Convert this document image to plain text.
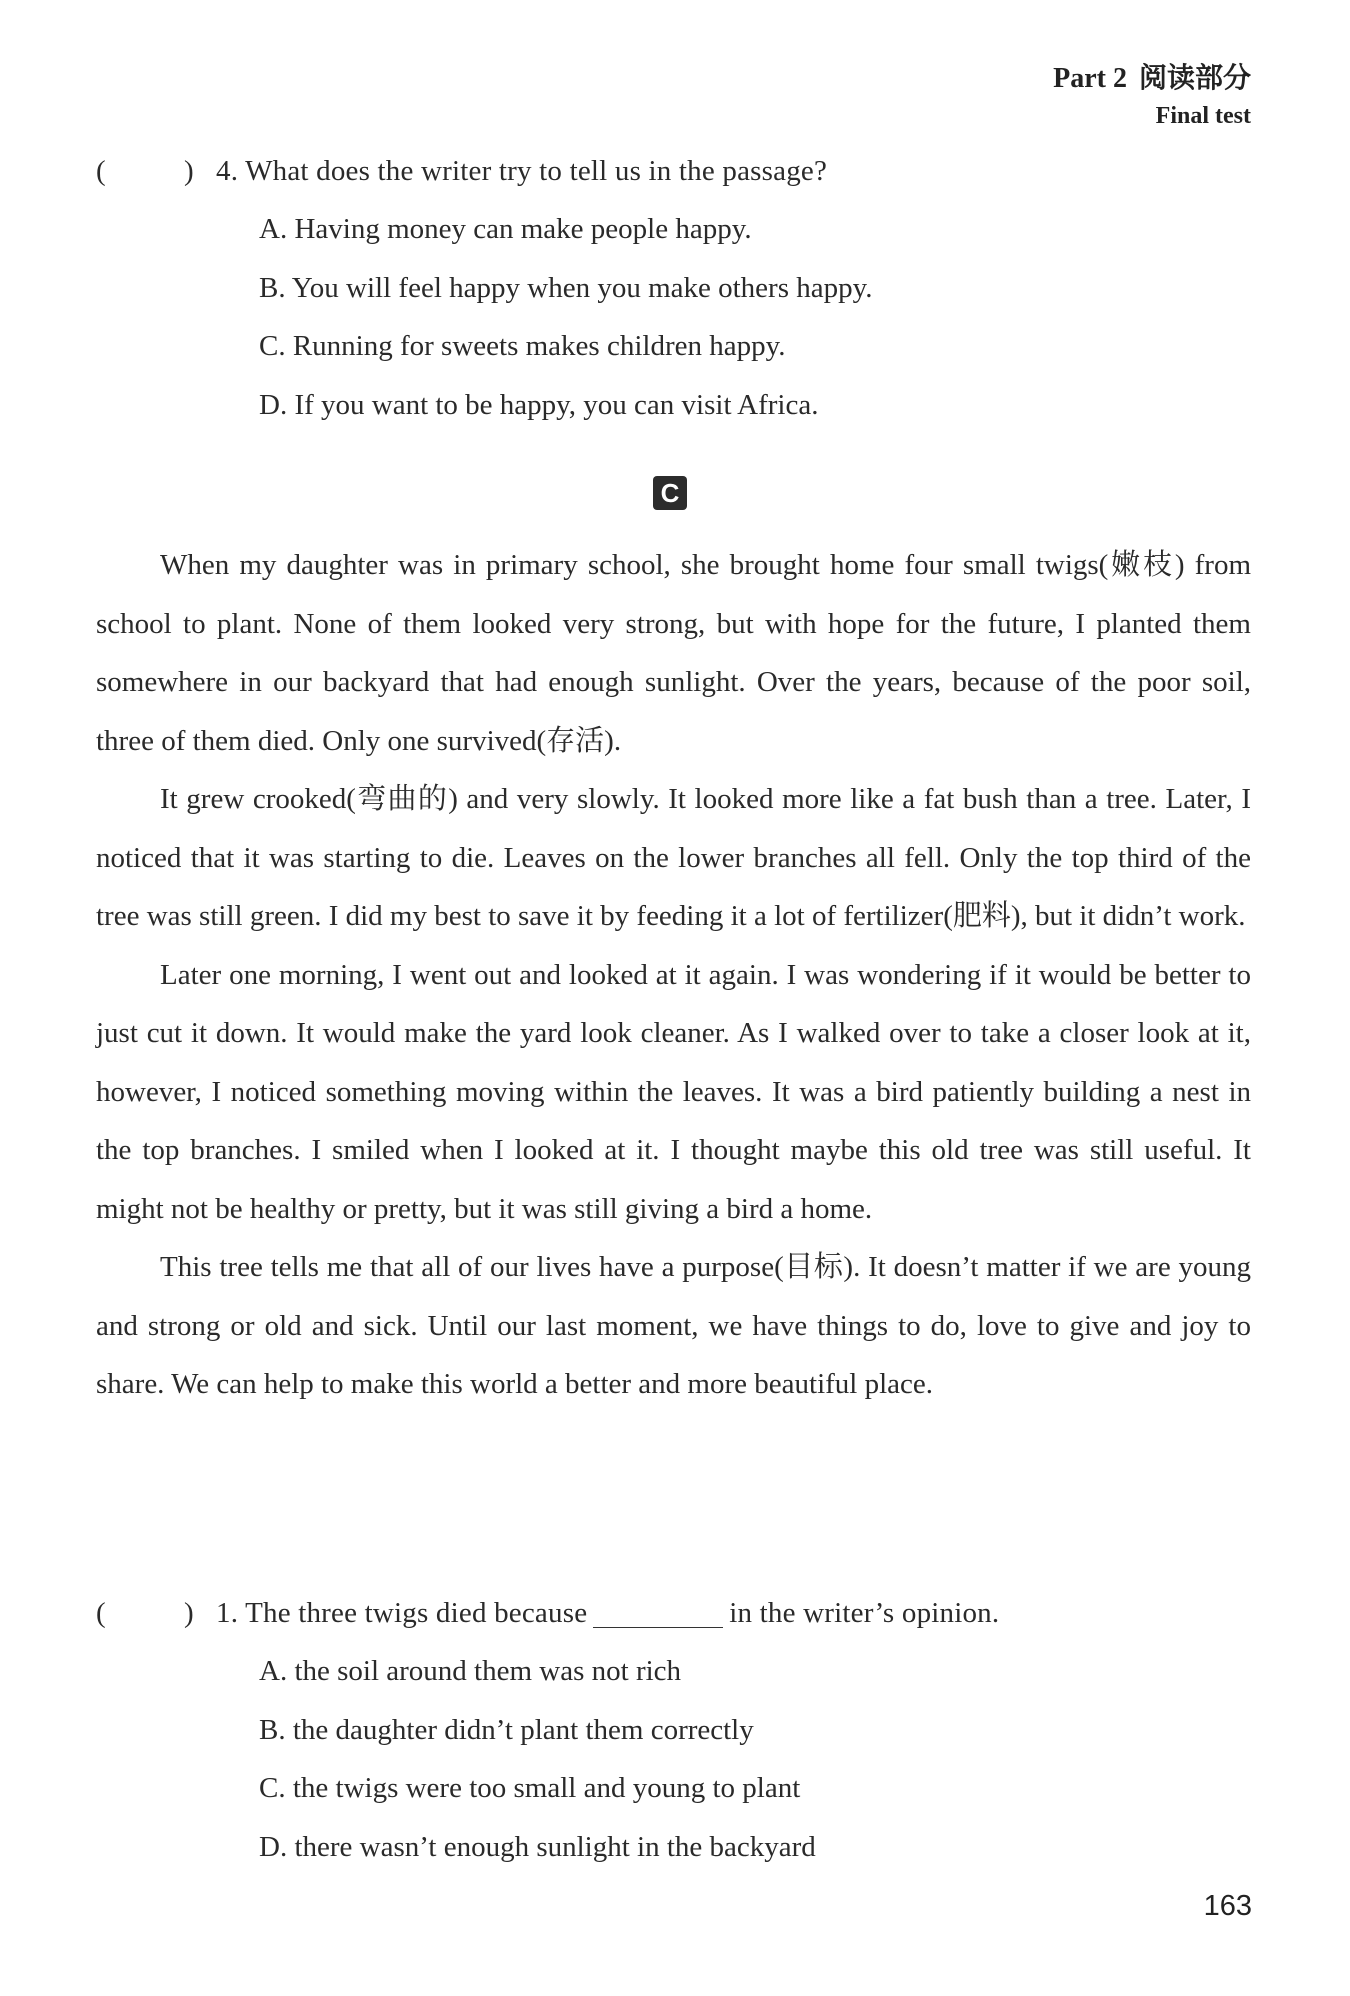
Part 2 阅读部分
Final test
(	) 4. What does the writer try to tell us in the passage?
A. Having money can make people happy.
B. You will feel happy when you make others happy.
C. Running for sweets makes children happy.
D. If you want to be happy, you can visit Africa.
C

When my daughter was in primary school, she brought home four small twigs(嫩枝) from school to plant. None of them looked very strong, but with hope for the future, I planted them somewhere in our backyard that had enough sunlight. Over the years, because of the poor soil, three of them died. Only one survived(存活).

It grew crooked(弯曲的) and very slowly. It looked more like a fat bush than a tree. Later, I noticed that it was starting to die. Leaves on the lower branches all fell. Only the top third of the tree was still green. I did my best to save it by feeding it a lot of fertilizer(肥料), but it didn’t work.

Later one morning, I went out and looked at it again. I was wondering if it would be better to just cut it down. It would make the yard look cleaner. As I walked over to take a closer look at it, however, I noticed something moving within the leaves. It was a bird patiently building a nest in the top branches. I smiled when I looked at it. I thought maybe this old tree was still useful. It might not be healthy or pretty, but it was still giving a bird a home.

This tree tells me that all of our lives have a purpose(目标). It doesn’t matter if we are young and strong or old and sick. Until our last moment, we have things to do, love to give and joy to share. We can help to make this world a better and more beautiful place.

(	) 1. The three twigs died because	in the writer’s opinion.
A. the soil around them was not rich
B. the daughter didn’t plant them correctly
C. the twigs were too small and young to plant
D. there wasn’t enough sunlight in the backyard
163
